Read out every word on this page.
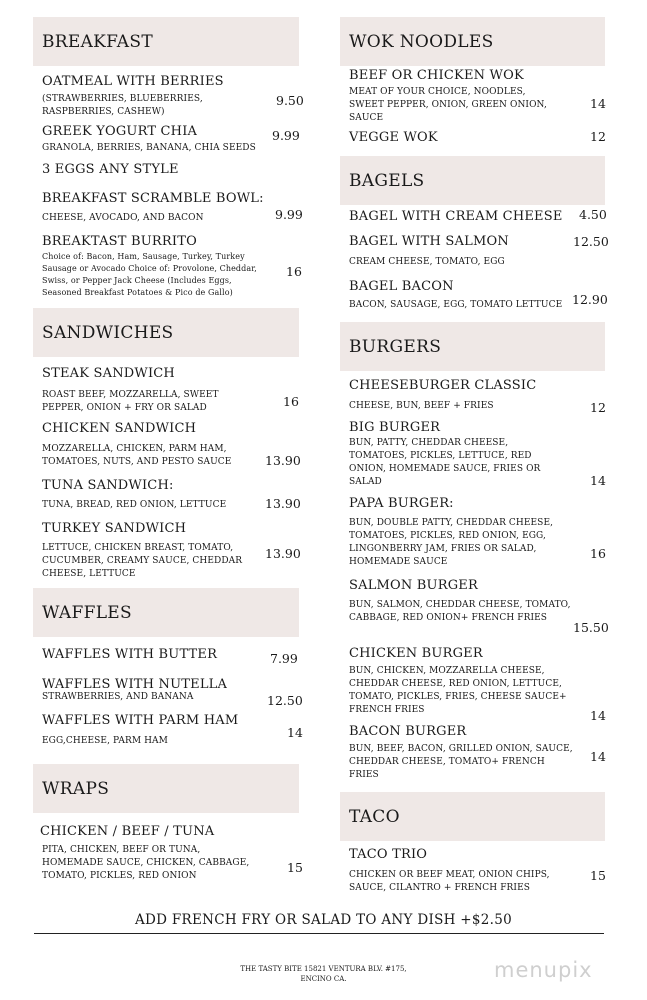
BREAKFAST
OATMEAL WITH BERRIES
(STRAWBERRIES, BLUEBERRIES, RASPBERRIES, CASHEW)
9.50
GREEK YOGURT CHIA
GRANOLA, BERRIES, BANANA, CHIA SEEDS
9.99
3 EGGS ANY STYLE
BREAKFAST SCRAMBLE BOWL:
CHEESE, AVOCADO, AND BACON	9.99
BREAKTAST BURRITO
Choice of: Bacon, Ham, Sausage, Turkey, Turkey Sausage or Avocado Choice of: Provolone, Cheddar, Swiss, or Pepper Jack Cheese (Includes Eggs, Seasoned Breakfast Potatoes & Pico de Gallo)
16
SANDWICHES
STEAK SANDWICH
ROAST BEEF, MOZZARELLA, SWEET PEPPER, ONION + FRY OR SALAD	16
CHICKEN SANDWICH
MOZZARELLA, CHICKEN, PARM HAM, TOMATOES, NUTS, AND PESTO SAUCE	13.90
TUNA SANDWICH:
TUNA, BREAD, RED ONION, LETTUCE	13.90
TURKEY SANDWICH
LETTUCE, CHICKEN BREAST, TOMATO, CUCUMBER, CREAMY SAUCE, CHEDDAR CHEESE, LETTUCE
13.90
WAFFLES
WAFFLES WITH BUTTER	7.99
WAFFLES WITH NUTELLA
STRAWBERRIES, AND BANANA	12.50
WAFFLES WITH PARM HAM
EGG,CHEESE, PARM HAM
14
WRAPS
CHICKEN / BEEF / TUNA
PITA, CHICKEN, BEEF OR TUNA, HOMEMADE SAUCE, CHICKEN, CABBAGE, TOMATO, PICKLES, RED ONION
15
WOK NOODLES
BEEF OR CHICKEN WOK
MEAT OF YOUR CHOICE, NOODLES, SWEET PEPPER, ONION, GREEN ONION, SAUCE
14
VEGGE WOK	12
BAGELS
BAGEL WITH CREAM CHEESE 4.50
BAGEL WITH SALMON
CREAM CHEESE, TOMATO, EGG
12.50
BAGEL BACON
BACON, SAUSAGE, EGG, TOMATO LETTUCE 12.90
BURGERS
CHEESEBURGER CLASSIC
CHEESE, BUN, BEEF + FRIES	12
BIG BURGER
BUN, PATTY, CHEDDAR CHEESE, TOMATOES, PICKLES, LETTUCE, RED ONION, HOMEMADE SAUCE, FRIES OR SALAD	14
PAPA BURGER:
BUN, DOUBLE PATTY, CHEDDAR CHEESE, TOMATOES, PICKLES, RED ONION, EGG, LINGONBERRY JAM, FRIES OR SALAD, HOMEMADE SAUCE
16
SALMON BURGER
BUN, SALMON, CHEDDAR CHEESE, TOMATO, CABBAGE, RED ONION+ FRENCH FRIES
15.50
CHICKEN BURGER
BUN, CHICKEN, MOZZARELLA CHEESE, CHEDDAR CHEESE, RED ONION, LETTUCE, TOMATO, PICKLES, FRIES, CHEESE SAUCE+ FRENCH FRIES	14
BACON BURGER
BUN, BEEF, BACON, GRILLED ONION, SAUCE, CHEDDAR CHEESE, TOMATO+ FRENCH FRIES
14
TACO
TACO TRIO
CHICKEN OR BEEF MEAT, ONION CHIPS, SAUCE, CILANTRO + FRENCH FRIES
15
ADD FRENCH FRY OR SALAD TO ANY DISH +$2.50
THE TASTY BITE 15821 VENTURA BLV. #175,
ENCINO CA.	menupix
